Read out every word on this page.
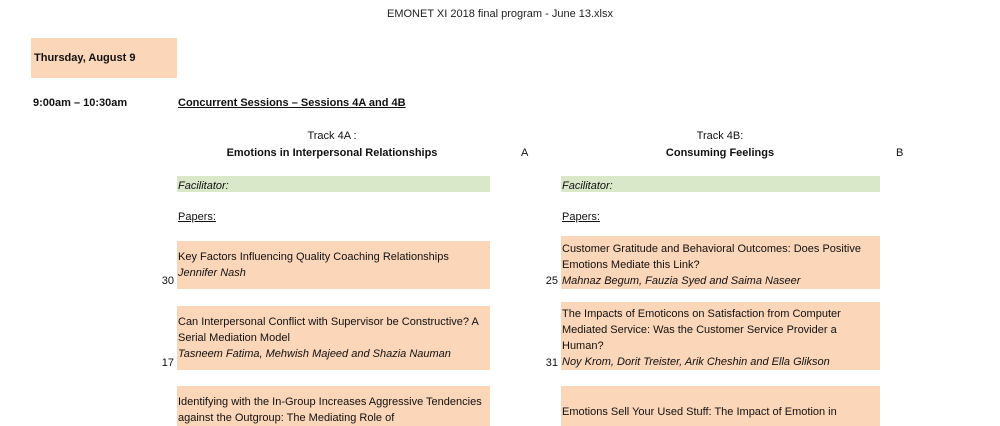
EMONET XI 2018 final program - June 13.xlsx
Thursday, August 9
9:00am – 10:30am	Concurrent Sessions – Sessions 4A and 4B
Track 4A :
Emotions in Interpersonal Relationships	A
Facilitator:
Papers:
Key Factors Influencing Quality Coaching Relationships
Jennifer Nash
30
Can Interpersonal Conflict with Supervisor be Constructive? A Serial Mediation Model
Tasneem Fatima, Mehwish Majeed and Shazia Nauman
17
Identifying with the In-Group Increases Aggressive Tendencies against the Outgroup: The Mediating Role of
Track 4B:
Consuming Feelings	B
Facilitator:
Papers:
Customer Gratitude and Behavioral Outcomes: Does Positive Emotions Mediate this Link?
Mahnaz Begum, Fauzia Syed and Saima Naseer
25
The Impacts of Emoticons on Satisfaction from Computer Mediated Service: Was the Customer Service Provider a Human?
Noy Krom, Dorit Treister, Arik Cheshin and Ella Glikson
31
Emotions Sell Your Used Stuff: The Impact of Emotion in
